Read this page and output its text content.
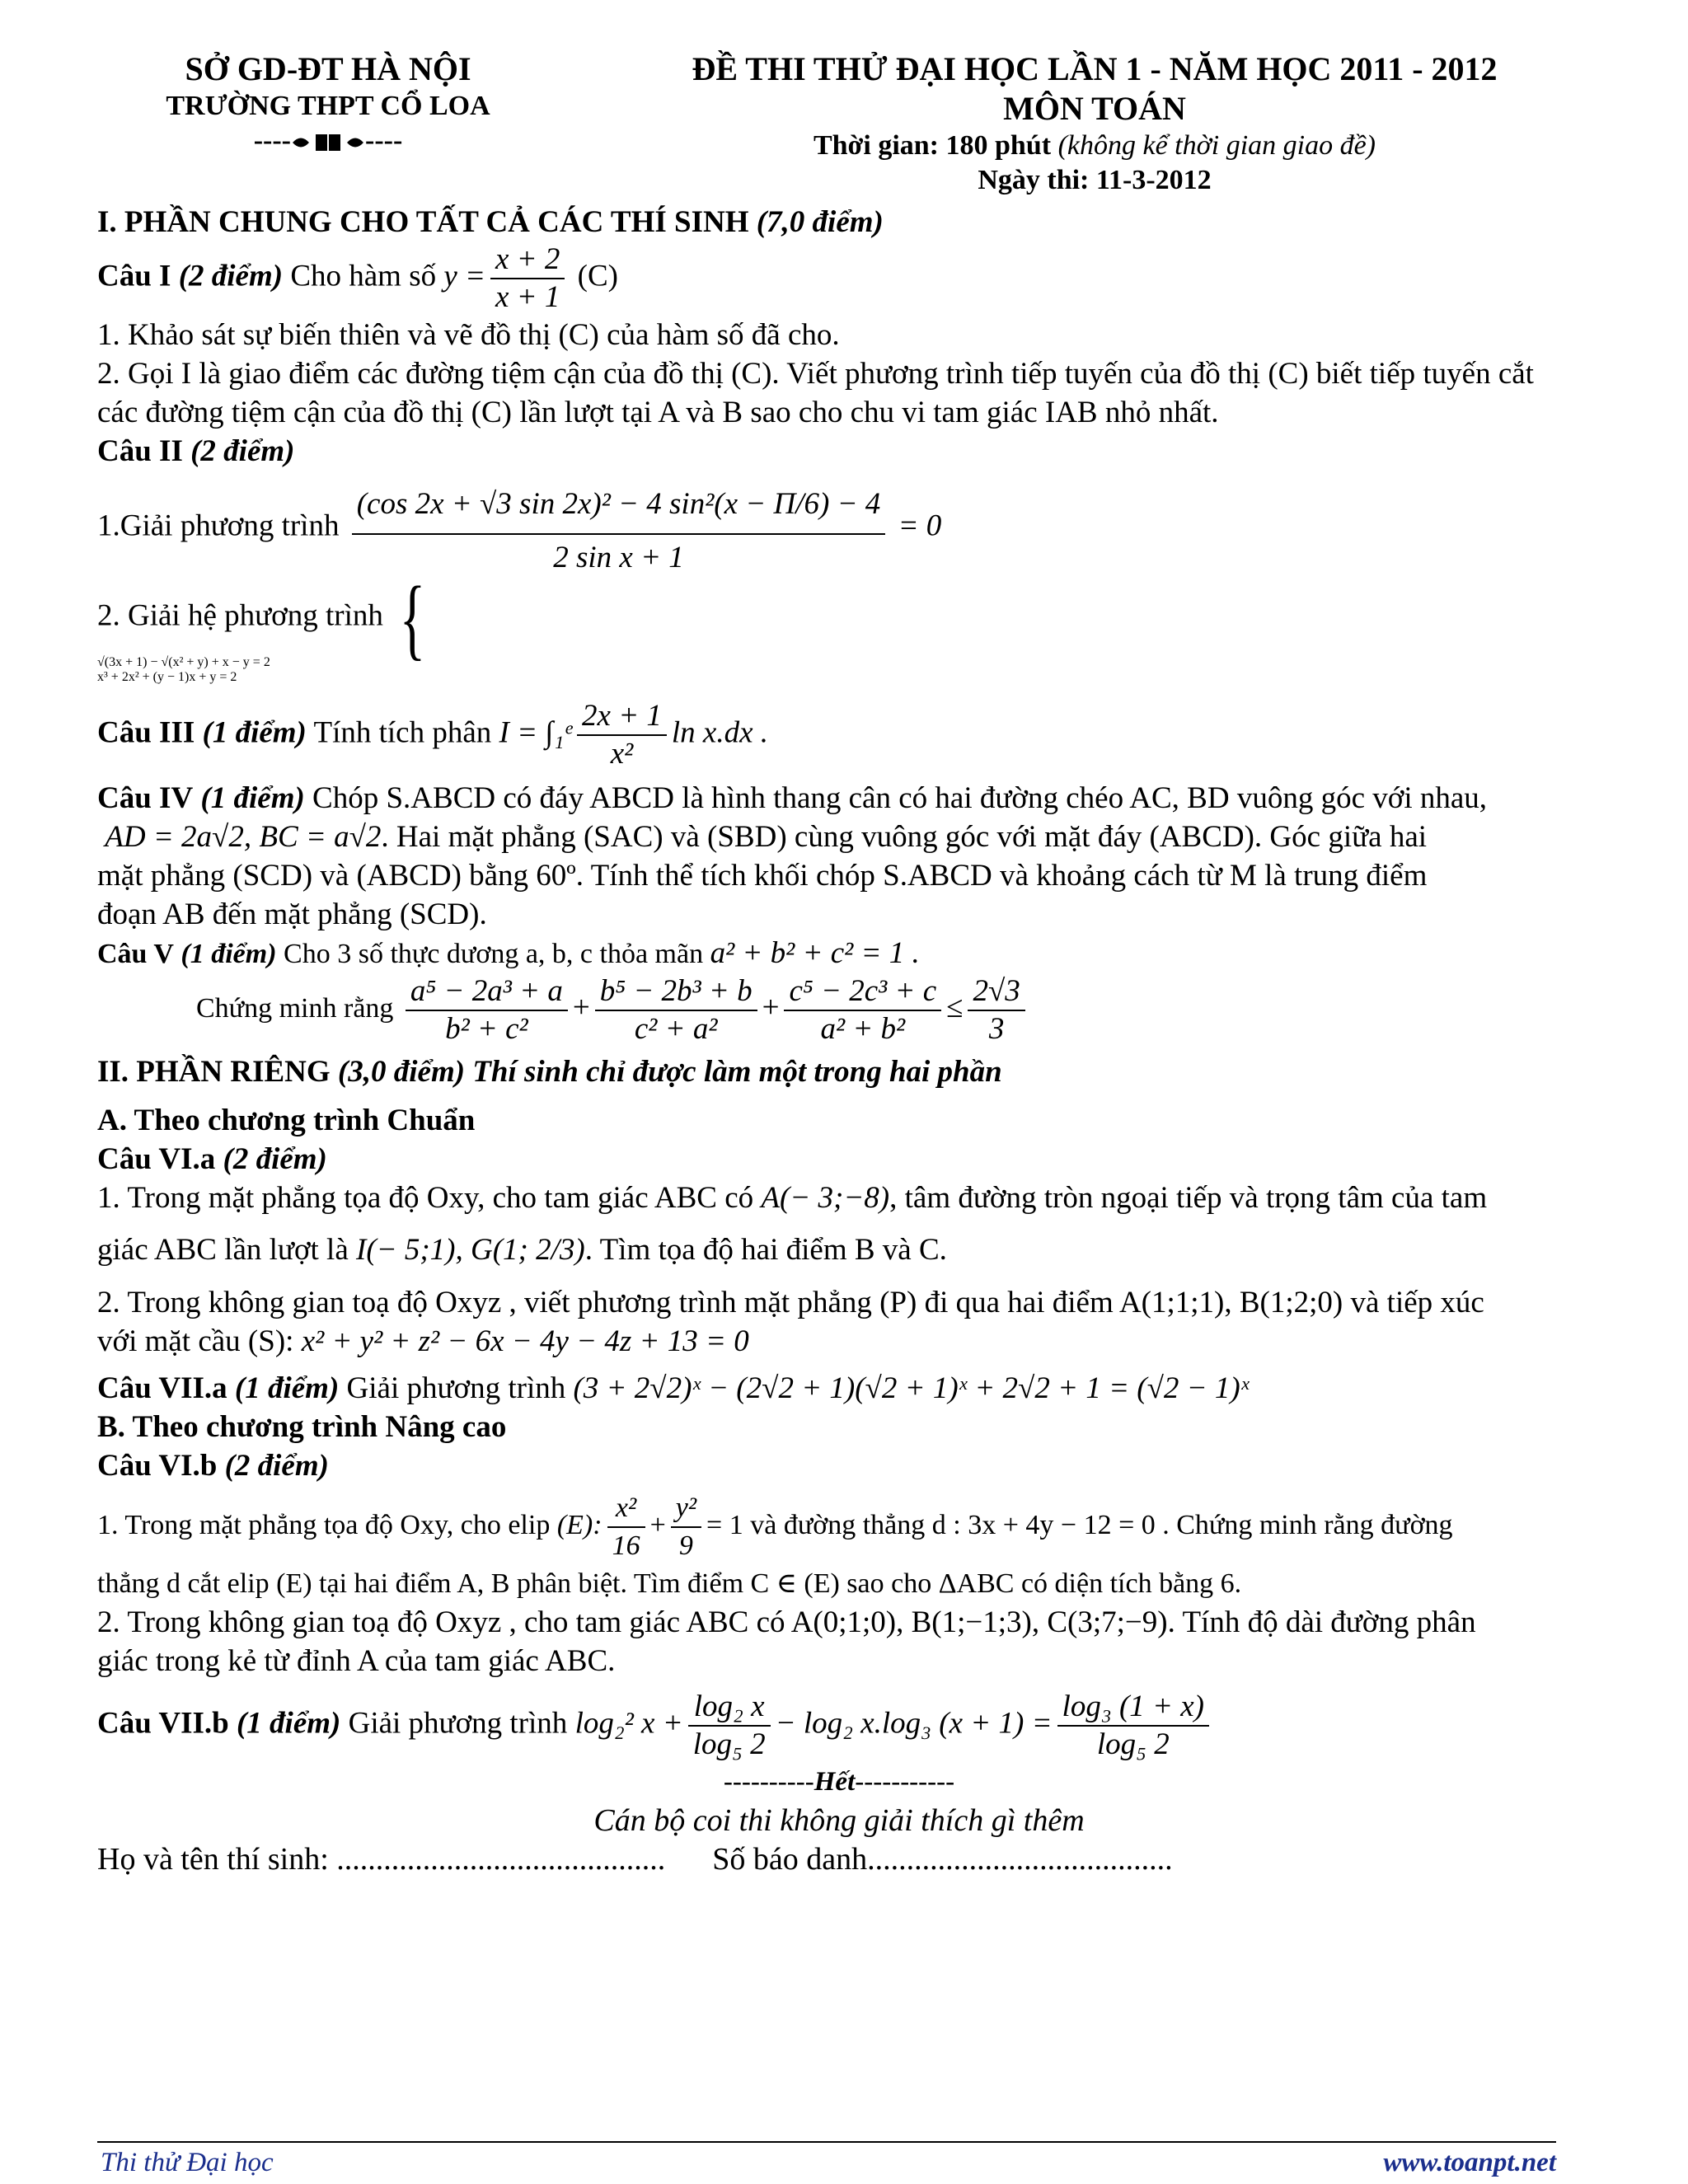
SỞ GD-ĐT HÀ NỘI
TRƯỜNG THPT CỔ LOA
----	----
ĐỀ THI THỬ ĐẠI HỌC LẦN 1 - NĂM HỌC 2011 - 2012
MÔN TOÁN
Thời gian: 180 phút (không kể thời gian giao đề)
Ngày thi: 11-3-2012

I. PHẦN CHUNG CHO TẤT CẢ CÁC THÍ SINH (7,0 điểm)

Câu I (2 điểm) Cho hàm số $y = \frac{x + 2}{x + 1} (C)$

1. Khảo sát sự biến thiên và vẽ đồ thị (C) của hàm số đã cho.

2. Gọi I là giao điểm các đường tiệm cận của đồ thị (C). Viết phương trình tiếp tuyến của đồ thị (C) biết tiếp tuyến cắt các đường tiệm cận của đồ thị (C) lần lượt tại A và B sao cho chu vi tam giác IAB nhỏ nhất.

Câu II (2 điểm)

1.Giải phương trình $\frac{\text{(cos 2x + √3 sin 2x)² − 4 sin²(x − Π/6) − 4}}{\text{2 sin x + 1}} = 0$

2. Giải hệ phương trình {

√(3x + 1) − √(x² + y) + x − y = 2
x³ + 2x² + (y − 1)x + y = 2

Câu III (1 điểm) Tính tích phân I = ∫₁ᵉ $\frac{2x + 1}{\text{x²}}$ ln x.dx .

Câu IV (1 điểm) Chóp S.ABCD có đáy ABCD là hình thang cân có hai đường chéo AC, BD vuông góc với nhau,

AD = 2a√2, BC = a√2. Hai mặt phẳng (SAC) và (SBD) cùng vuông góc với mặt đáy (ABCD). Góc giữa hai

mặt phẳng (SCD) và (ABCD) bằng 60º. Tính thể tích khối chóp S.ABCD và khoảng cách từ M là trung điểm

đoạn AB đến mặt phẳng (SCD).

Câu V (1 điểm) Cho 3 số thực dương a, b, c thỏa mãn a² + b² + c² = 1 .

Chứng minh rằng $\frac{\text{a⁵ − 2a³ + a}}{\text{b² + c²}} + \frac{\text{b⁵ − 2b³ + b}}{\text{c² + a²}} + \frac{\text{c⁵ − 2c³ + c}}{\text{a² + b²}} \le \frac{2√3}{3}$

II. PHẦN RIÊNG (3,0 điểm) Thí sinh chỉ được làm một trong hai phần

A. Theo chương trình Chuẩn

Câu VI.a (2 điểm)

1. Trong mặt phẳng tọa độ Oxy, cho tam giác ABC có A(− 3;−8), tâm đường tròn ngoại tiếp và trọng tâm của tam

giác ABC lần lượt là I(− 5;1), G(1; 2/3). Tìm tọa độ hai điểm B và C.

2. Trong không gian toạ độ Oxyz , viết phương trình mặt phẳng (P) đi qua hai điểm A(1;1;1), B(1;2;0) và tiếp xúc

với mặt cầu (S): x² + y² + z² − 6x − 4y − 4z + 13 = 0

Câu VII.a (1 điểm) Giải phương trình (3 + 2√2)ˣ − (2√2 + 1)(√2 + 1)ˣ + 2√2 + 1 = (√2 − 1)ˣ

B. Theo chương trình Nâng cao

Câu VI.b (2 điểm)

1. Trong mặt phẳng tọa độ Oxy, cho elip (E): $\frac{\text{x²}}{16} + \frac{\text{y²}}{9} = 1$ và đường thẳng d : 3x + 4y − 12 = 0 . Chứng minh rằng đường

thẳng d cắt elip (E) tại hai điểm A, B phân biệt. Tìm điểm C ∈ (E) sao cho ΔABC có diện tích bằng 6.

2. Trong không gian toạ độ Oxyz , cho tam giác ABC có A(0;1;0), B(1;−1;3), C(3;7;−9). Tính độ dài đường phân

giác trong kẻ từ đỉnh A của tam giác ABC.

Câu VII.b (1 điểm) Giải phương trình log₂² $x + \frac{\text{log₂ x}}{\text{log₅ 2}} - \log_2$ x.log₃ $(x + 1) = \frac{\text{log₃ (1 + x)}}{\text{log₅ 2}}$

----------Hết-----------

Cán bộ coi thi không giải thích gì thêm

Họ và tên thí sinh: .......................................... Số báo danh.......................................

Thi thử Đại học	www.toanpt.net
